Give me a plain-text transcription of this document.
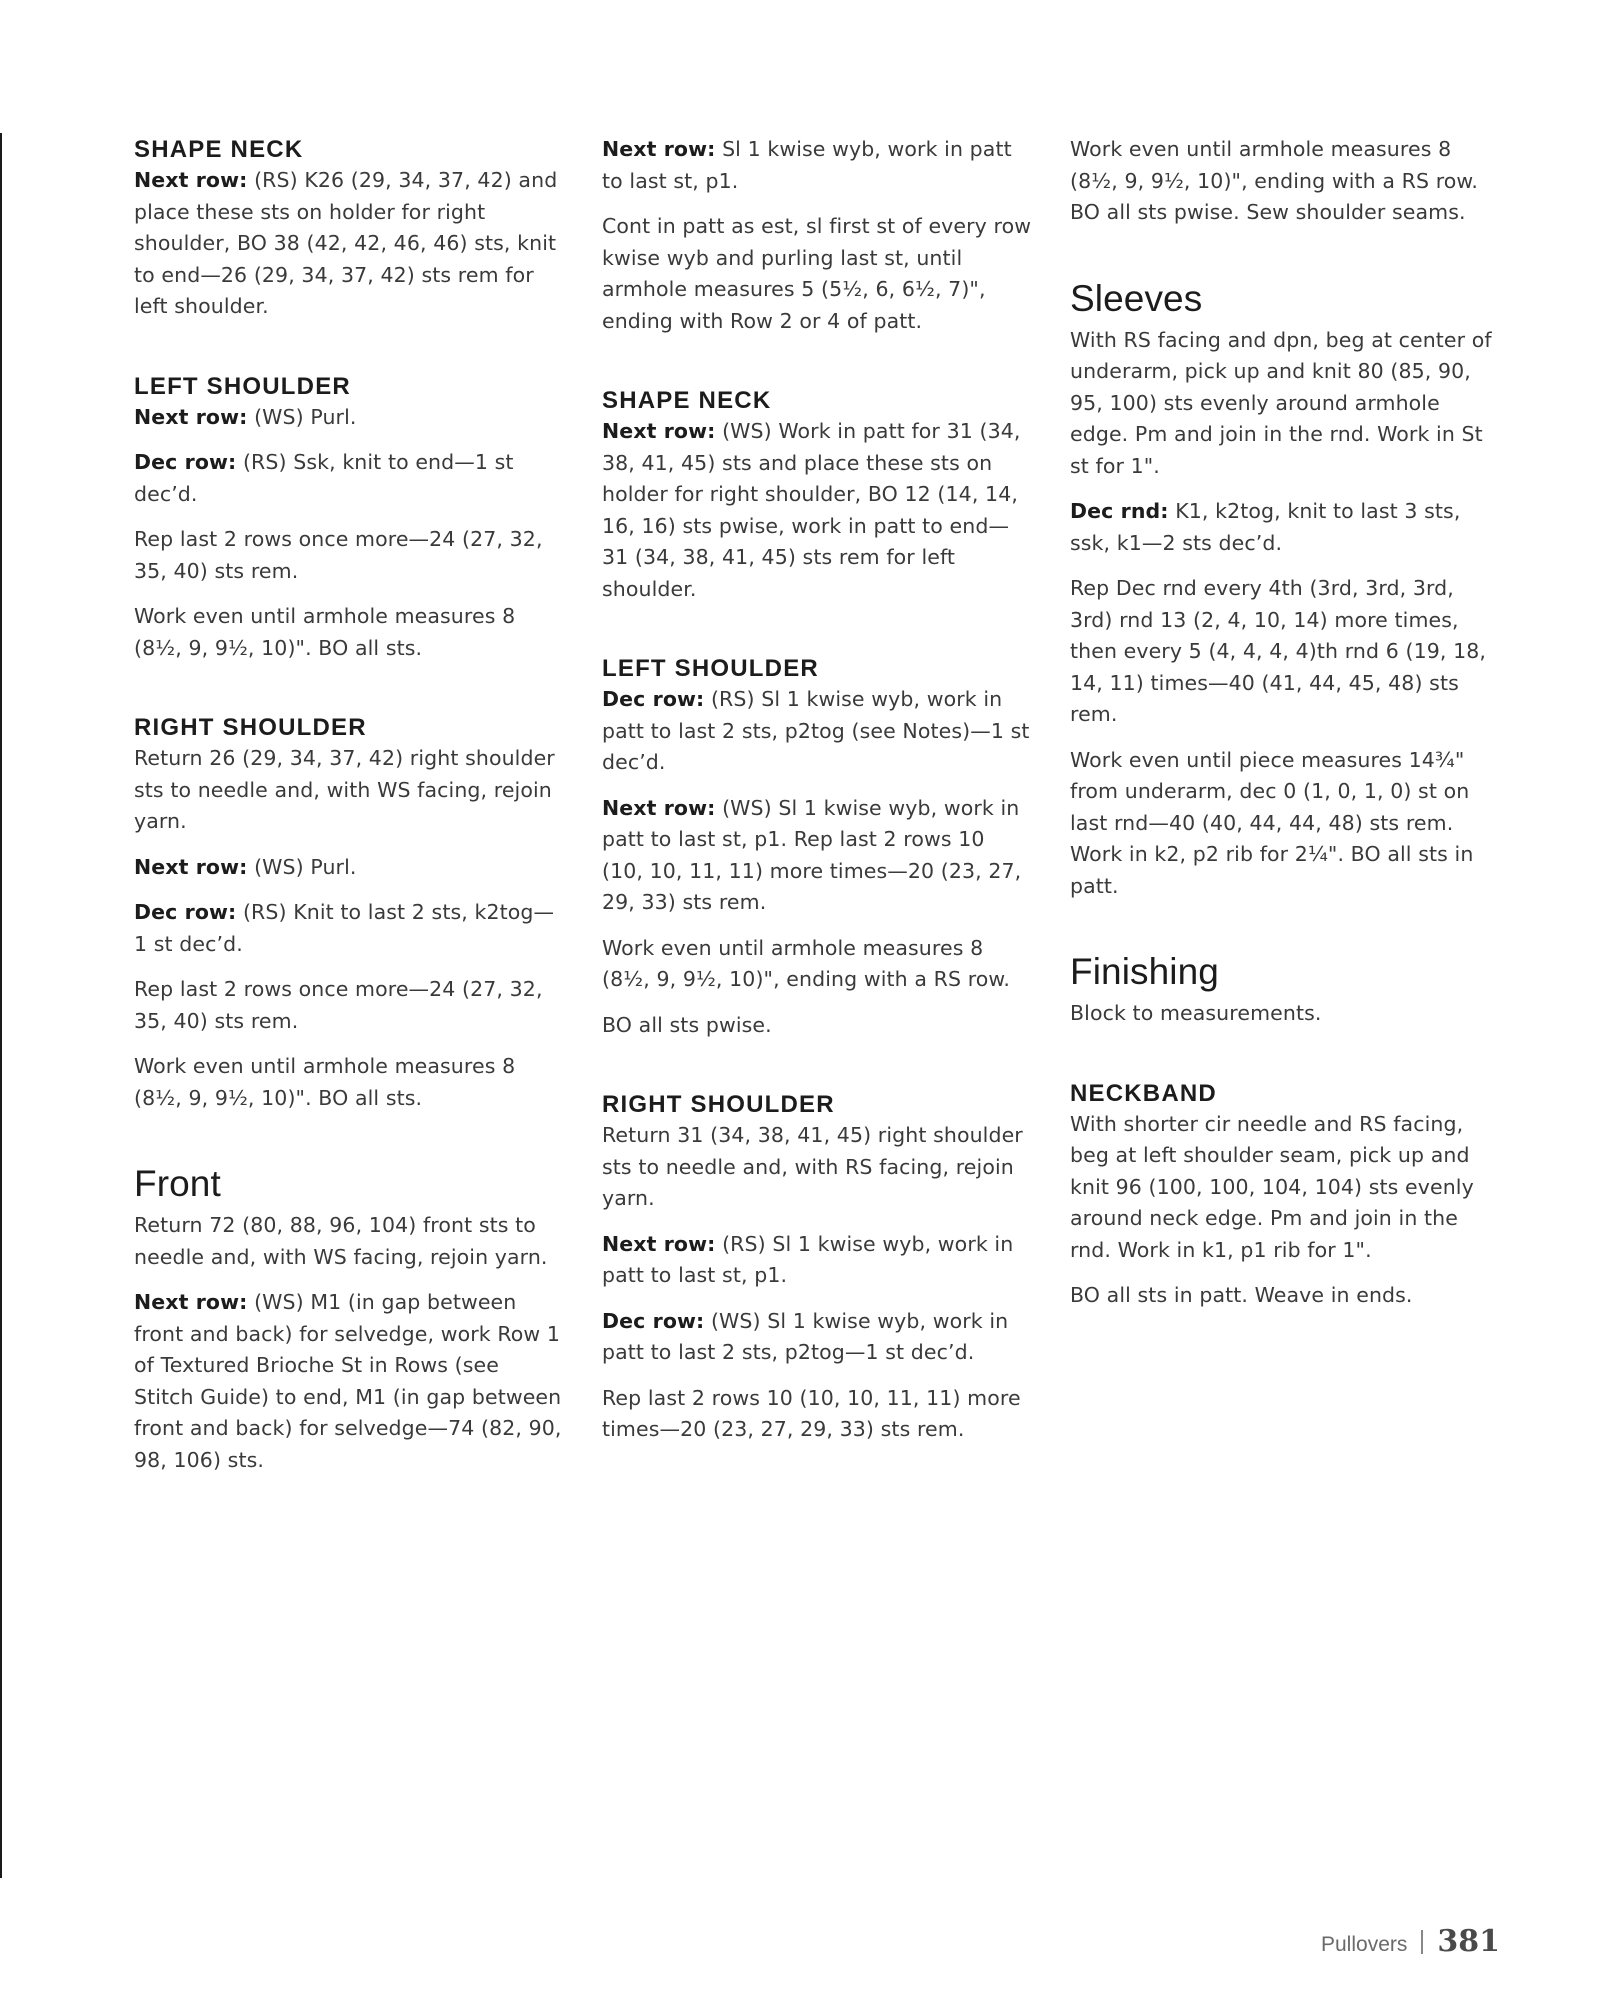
SHAPE NECK

Next row: (RS) K26 (29, 34, 37, 42) and place these sts on holder for right shoulder, BO 38 (42, 42, 46, 46) sts, knit to end—26 (29, 34, 37, 42) sts rem for left shoulder.

LEFT SHOULDER

Next row: (WS) Purl.

Dec row: (RS) Ssk, knit to end—1 st dec’d.

Rep last 2 rows once more—24 (27, 32, 35, 40) sts rem.

Work even until armhole measures 8 (8½, 9, 9½, 10)". BO all sts.

RIGHT SHOULDER

Return 26 (29, 34, 37, 42) right shoulder sts to needle and, with WS facing, rejoin yarn.

Next row: (WS) Purl.

Dec row: (RS) Knit to last 2 sts, k2tog—1 st dec’d.

Rep last 2 rows once more—24 (27, 32, 35, 40) sts rem.

Work even until armhole measures 8 (8½, 9, 9½, 10)". BO all sts.

Front

Return 72 (80, 88, 96, 104) front sts to needle and, with WS facing, rejoin yarn.

Next row: (WS) M1 (in gap between front and back) for selvedge, work Row 1 of Textured Brioche St in Rows (see Stitch Guide) to end, M1 (in gap between front and back) for selvedge—74 (82, 90, 98, 106) sts.

Next row: Sl 1 kwise wyb, work in patt to last st, p1.

Cont in patt as est, sl first st of every row kwise wyb and purling last st, until armhole measures 5 (5½, 6, 6½, 7)", ending with Row 2 or 4 of patt.

SHAPE NECK

Next row: (WS) Work in patt for 31 (34, 38, 41, 45) sts and place these sts on holder for right shoulder, BO 12 (14, 14, 16, 16) sts pwise, work in patt to end—31 (34, 38, 41, 45) sts rem for left shoulder.

LEFT SHOULDER

Dec row: (RS) Sl 1 kwise wyb, work in patt to last 2 sts, p2tog (see Notes)—1 st dec’d.

Next row: (WS) Sl 1 kwise wyb, work in patt to last st, p1. Rep last 2 rows 10 (10, 10, 11, 11) more times—20 (23, 27, 29, 33) sts rem.

Work even until armhole measures 8 (8½, 9, 9½, 10)", ending with a RS row.

BO all sts pwise.

RIGHT SHOULDER

Return 31 (34, 38, 41, 45) right shoulder sts to needle and, with RS facing, rejoin yarn.

Next row: (RS) Sl 1 kwise wyb, work in patt to last st, p1.

Dec row: (WS) Sl 1 kwise wyb, work in patt to last 2 sts, p2tog—1 st dec’d.

Rep last 2 rows 10 (10, 10, 11, 11) more times—20 (23, 27, 29, 33) sts rem.

Work even until armhole measures 8 (8½, 9, 9½, 10)", ending with a RS row. BO all sts pwise. Sew shoulder seams.

Sleeves

With RS facing and dpn, beg at center of underarm, pick up and knit 80 (85, 90, 95, 100) sts evenly around armhole edge. Pm and join in the rnd. Work in St st for 1".

Dec rnd: K1, k2tog, knit to last 3 sts, ssk, k1—2 sts dec’d.

Rep Dec rnd every 4th (3rd, 3rd, 3rd, 3rd) rnd 13 (2, 4, 10, 14) more times, then every 5 (4, 4, 4, 4)th rnd 6 (19, 18, 14, 11) times—40 (41, 44, 45, 48) sts rem.

Work even until piece measures 14¾" from underarm, dec 0 (1, 0, 1, 0) st on last rnd—40 (40, 44, 44, 48) sts rem. Work in k2, p2 rib for 2¼". BO all sts in patt.

Finishing

Block to measurements.

NECKBAND

With shorter cir needle and RS facing, beg at left shoulder seam, pick up and knit 96 (100, 100, 104, 104) sts evenly around neck edge. Pm and join in the rnd. Work in k1, p1 rib for 1".

BO all sts in patt. Weave in ends.

Pullovers 381
